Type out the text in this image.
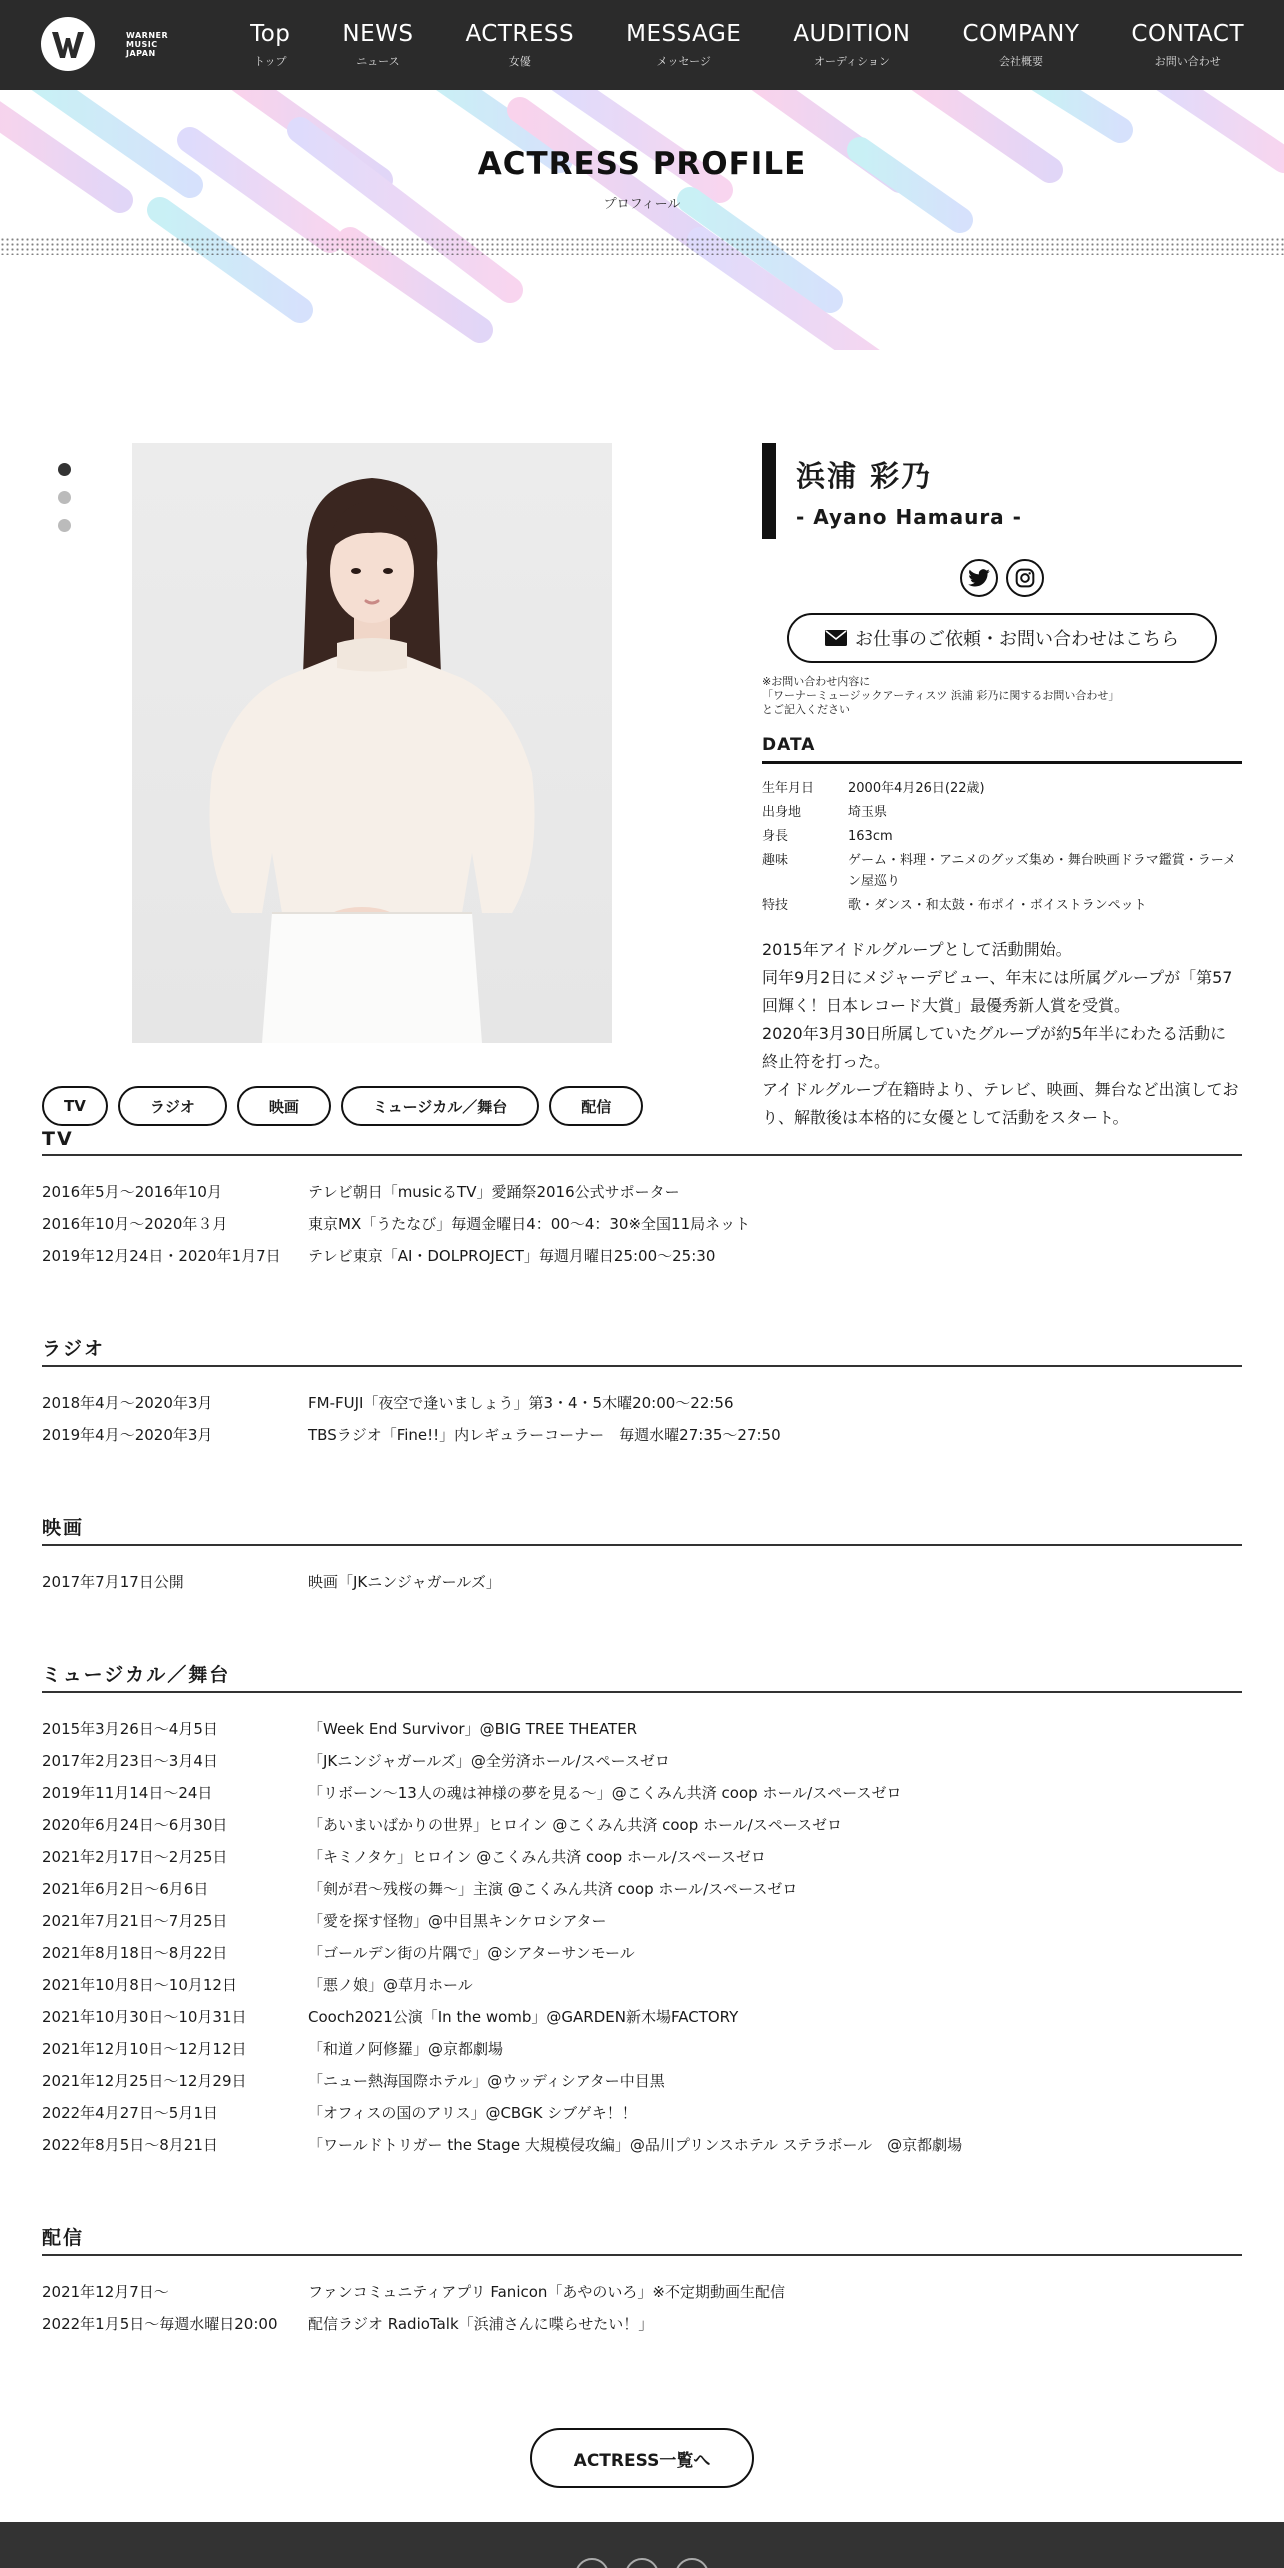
WARNER
MUSIC
JAPAN
Top
トップ
NEWS
ニュース
ACTRESS
女優
MESSAGE
メッセージ
AUDITION
オーディション
COMPANY
会社概要
CONTACT
お問い合わせ
ACTRESS PROFILE
プロフィール
浜浦 彩乃
- Ayano Hamaura -
お仕事のご依頼・お問い合わせはこちら
※お問い合わせ内容に
「ワーナーミュージックアーティスツ 浜浦 彩乃に関するお問い合わせ」
とご記入ください
DATA
生年月日	2000年4月26日(22歳)
出身地	埼玉県
身長	163cm
趣味	ゲーム・料理・アニメのグッズ集め・舞台映画ドラマ鑑賞・ラーメン屋巡り
特技	歌・ダンス・和太鼓・布ポイ・ボイストランペット

2015年アイドルグループとして活動開始。

同年9月2日にメジャーデビュー、年末には所属グループが「第57回輝く！日本レコード大賞」最優秀新人賞を受賞。

2020年3月30日所属していたグループが約5年半にわたる活動に終止符を打った。

アイドルグループ在籍時より、テレビ、映画、舞台など出演しており、解散後は本格的に女優として活動をスタート。

TV	ラジオ	映画	ミュージカル／舞台	配信
TV
2016年5月～2016年10月	テレビ朝日「musicるTV」愛踊祭2016公式サポーター
2016年10月～2020年３月	東京MX「うたなび」毎週金曜日4：00～4：30※全国11局ネット
2019年12月24日・2020年1月7日	テレビ東京「AI・DOLPROJECT」毎週月曜日25:00～25:30
ラジオ
2018年4月～2020年3月	FM-FUJI「夜空で逢いましょう」第3・4・5木曜20:00～22:56
2019年4月～2020年3月	TBSラジオ「Fine!!」内レギュラーコーナー　毎週水曜27:35～27:50
映画
2017年7月17日公開	映画「JKニンジャガールズ」
ミュージカル／舞台
2015年3月26日～4月5日	「Week End Survivor」@BIG TREE THEATER
2017年2月23日～3月4日	「JKニンジャガールズ」@全労済ホール/スペースゼロ
2019年11月14日〜24日	「リボーン〜13人の魂は神様の夢を見る〜」@こくみん共済 coop ホール/スペースゼロ
2020年6月24日～6月30日	「あいまいばかりの世界」ヒロイン @こくみん共済 coop ホール/スペースゼロ
2021年2月17日～2月25日	「キミノタケ」ヒロイン @こくみん共済 coop ホール/スペースゼロ
2021年6月2日～6月6日	「剣が君～残桜の舞～」主演 @こくみん共済 coop ホール/スペースゼロ
2021年7月21日～7月25日	「愛を探す怪物」@中目黒キンケロシアター
2021年8月18日～8月22日	「ゴールデン街の片隅で」@シアターサンモール
2021年10月8日～10月12日	「悪ノ娘」@草月ホール
2021年10月30日～10月31日	Cooch2021公演「In the womb」@GARDEN新木場FACTORY
2021年12月10日～12月12日	「和道ノ阿修羅」@京都劇場
2021年12月25日～12月29日	「ニュー熱海国際ホテル」@ウッディシアター中目黒
2022年4月27日～5月1日	「オフィスの国のアリス」@CBGK シブゲキ！！
2022年8月5日～8月21日	「ワールドトリガー the Stage 大規模侵攻編」@品川プリンスホテル ステラボール　@京都劇場
配信
2021年12月7日～	ファンコミュニティアプリ Fanicon「あやのいろ」※不定期動画生配信
2022年1月5日～毎週水曜日20:00	配信ラジオ RadioTalk「浜浦さんに喋らせたい！」
ACTRESS一覧へ
